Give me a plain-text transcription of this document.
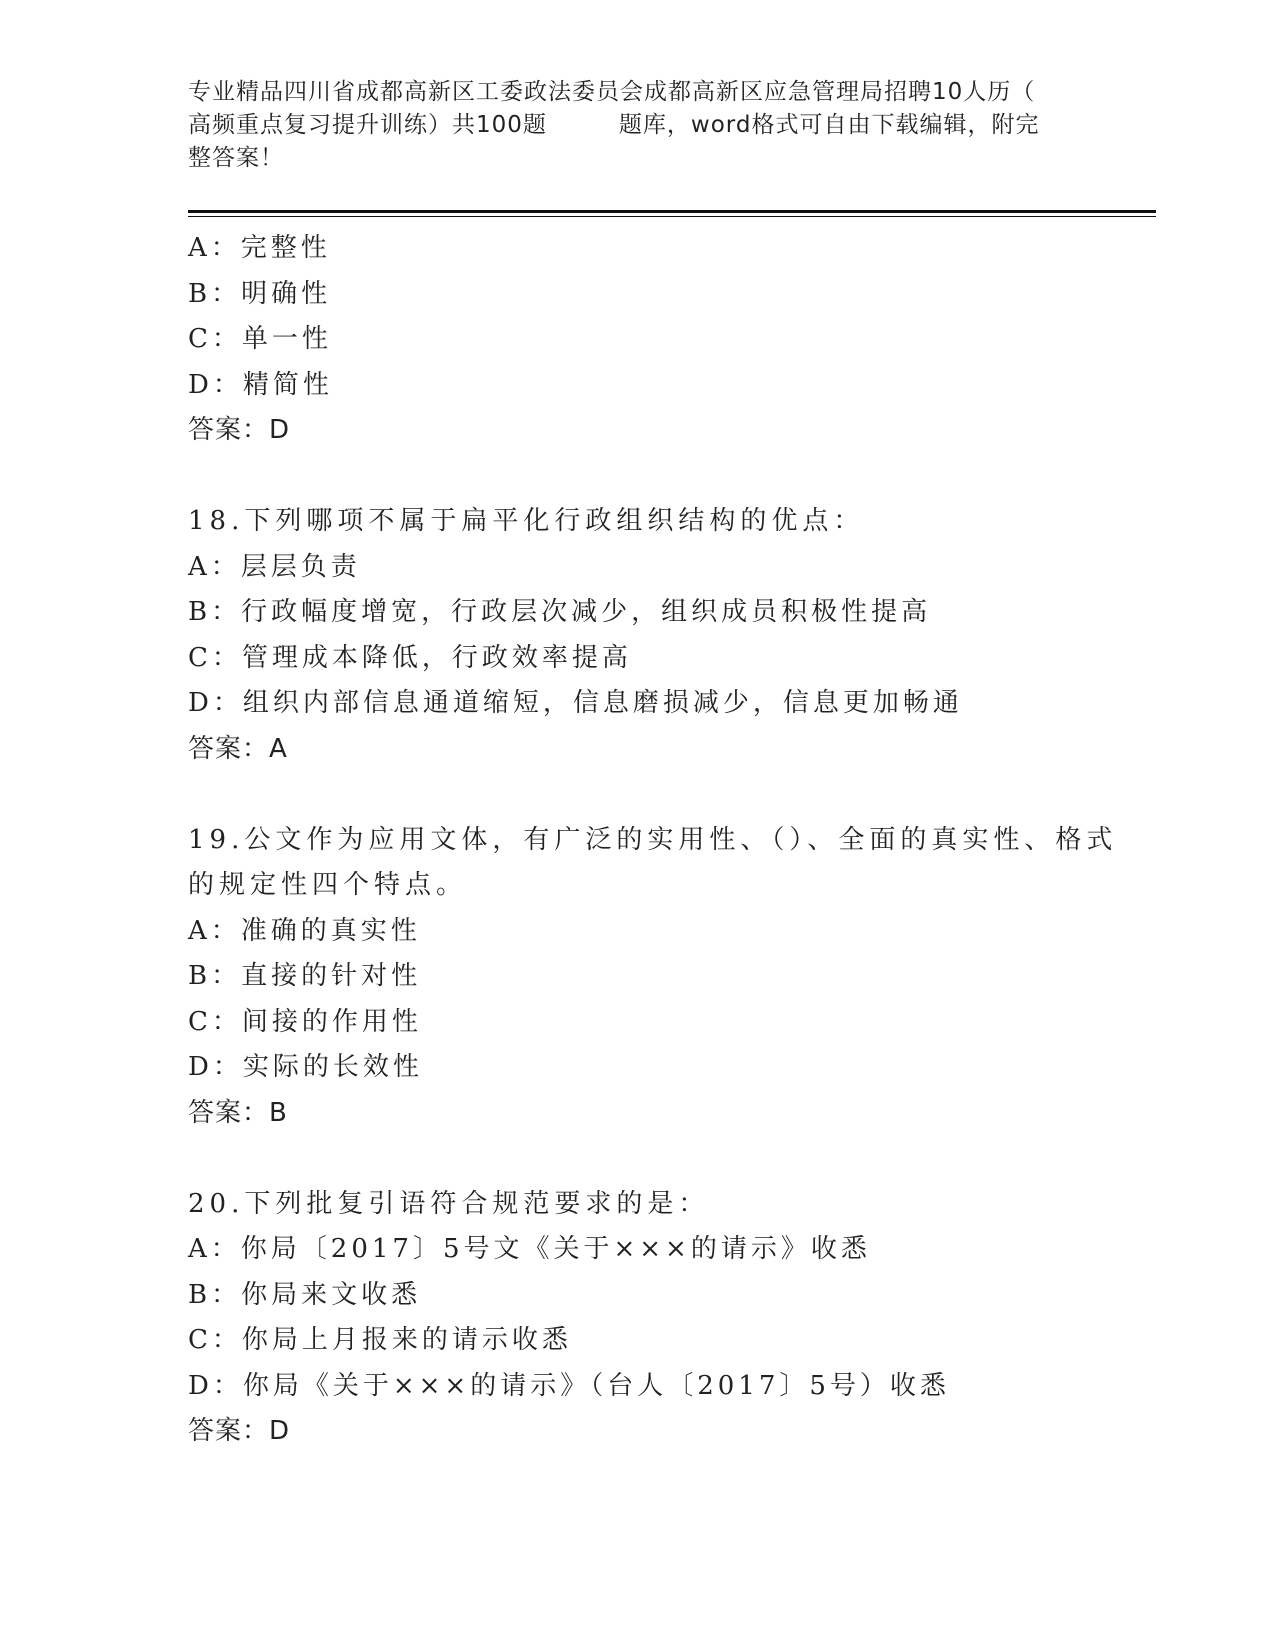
专业精品四川省成都高新区工委政法委员会成都高新区应急管理局招聘10人历（
高频重点复习提升训练）共100题	题库，word格式可自由下载编辑，附完
整答案！
A：完整性
B：明确性
C：单一性
D：精简性
答案：D
18.下列哪项不属于扁平化行政组织结构的优点：
A：层层负责
B：行政幅度增宽，行政层次减少，组织成员积极性提高
C：管理成本降低，行政效率提高
D：组织内部信息通道缩短，信息磨损减少，信息更加畅通
答案：A
19.公文作为应用文体，有广泛的实用性、（）、全面的真实性、格式
的规定性四个特点。
A：准确的真实性
B：直接的针对性
C：间接的作用性
D：实际的长效性
答案：B
20.下列批复引语符合规范要求的是：
A：你局〔2017〕5号文《关于×××的请示》收悉
B：你局来文收悉
C：你局上月报来的请示收悉
D：你局《关于×××的请示》（台人〔2017〕5号）收悉
答案：D
